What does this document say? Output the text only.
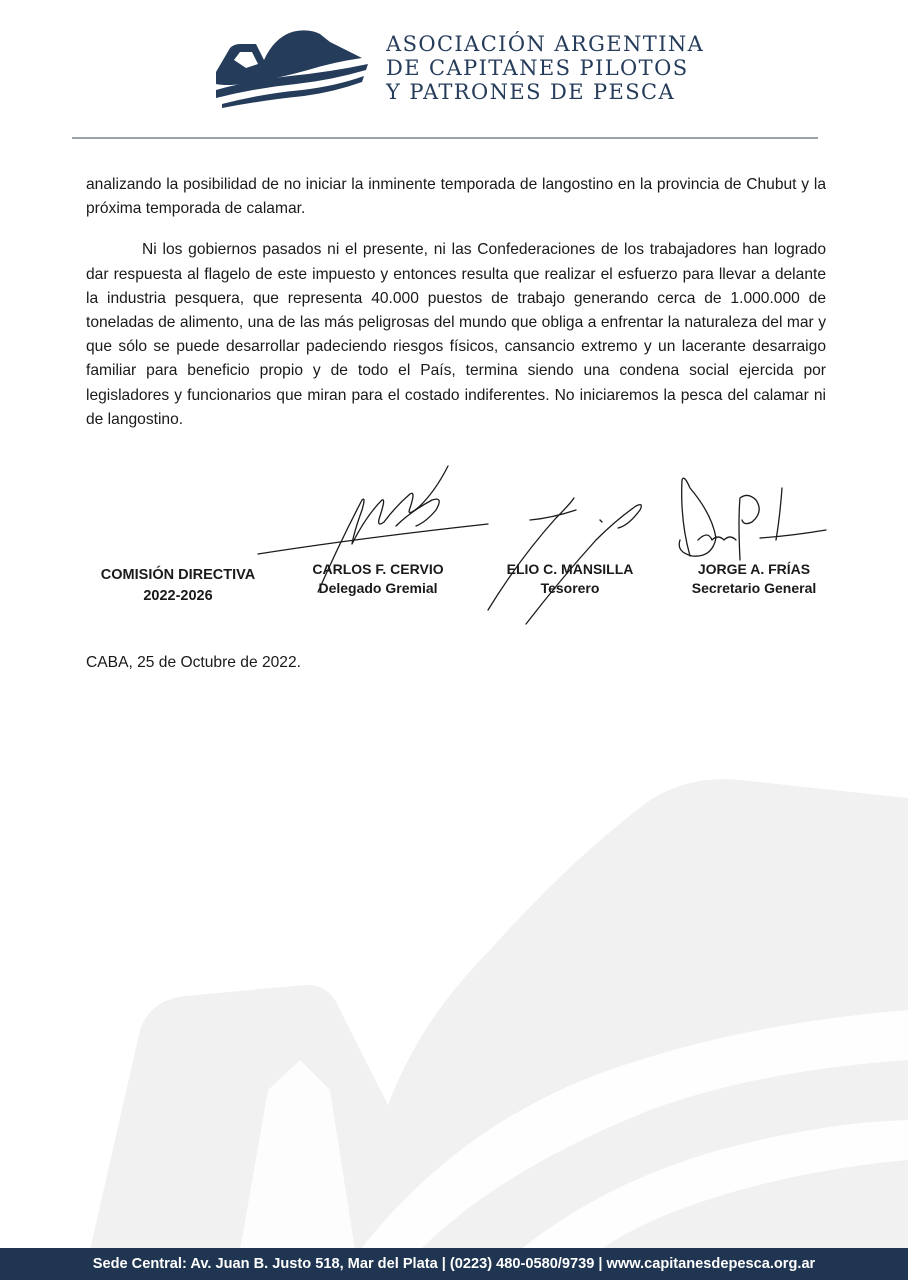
ASOCIACIÓN ARGENTINA
DE CAPITANES PILOTOS
Y PATRONES DE PESCA

analizando la posibilidad de no iniciar la inminente temporada de langostino en la provincia de Chubut y la próxima temporada de calamar.

Ni los gobiernos pasados ni el presente, ni las Confederaciones de los trabajadores han logrado dar respuesta al flagelo de este impuesto y entonces resulta que realizar el esfuerzo para llevar a delante la industria pesquera, que representa 40.000 puestos de trabajo generando cerca de 1.000.000 de toneladas de alimento, una de las más peligrosas del mundo que obliga a enfrentar la naturaleza del mar y que sólo se puede desarrollar padeciendo riesgos físicos, cansancio extremo y un lacerante desarraigo familiar para beneficio propio y de todo el País, termina siendo una condena social ejercida por legisladores y funcionarios que miran para el costado indiferentes. No iniciaremos la pesca del calamar ni de langostino.

COMISIÓN DIRECTIVA
2022-2026
CARLOS F. CERVIO
Delegado Gremial
ELIO C. MANSILLA
Tesorero
JORGE A. FRÍAS
Secretario General
CABA, 25 de Octubre de 2022.
Sede Central: Av. Juan B. Justo 518, Mar del Plata | (0223) 480-0580/9739 | www.capitanesdepesca.org.ar
